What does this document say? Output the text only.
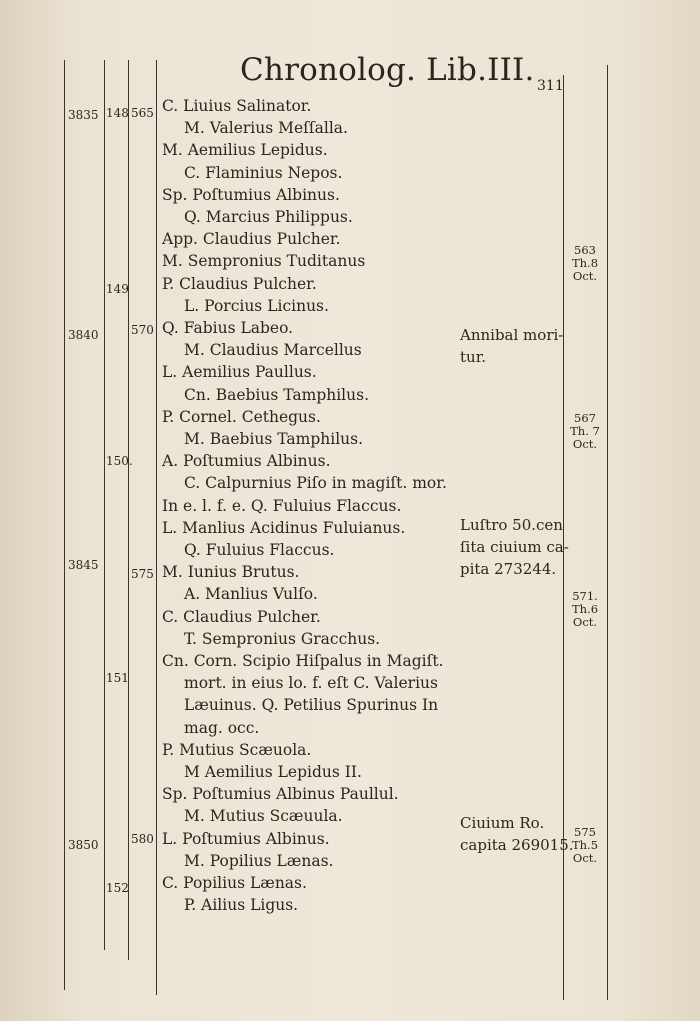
Chronolog. Lib.III. 311
3835
3840
3845
3850
148
149
150.
151
152
565
570
575
580
C. Liuius Salinator.
M. Valerius Meſſalla.
M. Aemilius Lepidus.
C. Flaminius Nepos.
Sp. Poſtumius Albinus.
Q. Marcius Philippus.
App. Claudius Pulcher.
M. Sempronius Tuditanus
P. Claudius Pulcher.
L. Porcius Licinus.
Q. Fabius Labeo.
M. Claudius Marcellus
L. Aemilius Paullus.
Cn. Baebius Tamphilus.
P. Cornel. Cethegus.
M. Baebius Tamphilus.
A. Poſtumius Albinus.
C. Calpurnius Piſo in magiſt. mor.
In e. l. f. e. Q. Fuluius Flaccus.
L. Manlius Acidinus Fuluianus.
Q. Fuluius Flaccus.
M. Iunius Brutus.
A. Manlius Vulſo.
C. Claudius Pulcher.
T. Sempronius Gracchus.
Cn. Corn. Scipio Hiſpalus in Magiſt.
mort. in eius lo. f. eſt C. Valerius
Læuinus. Q. Petilius Spurinus In
mag. occ.
P. Mutius Scæuola.
M Aemilius Lepidus II.
Sp. Poſtumius Albinus Paullul.
M. Mutius Scæuula.
L. Poſtumius Albinus.
M. Popilius Lænas.
C. Popilius Lænas.
P. Ailius Ligus.
Annibal mori-
tur.
Luſtro 50.cen
ſita ciuium ca-
pita 273244.
Ciuium Ro.
capita 269015.
563
Th.8
Oct.
567
Th. 7
Oct.
571.
Th.6
Oct.
575
Th.5
Oct.
